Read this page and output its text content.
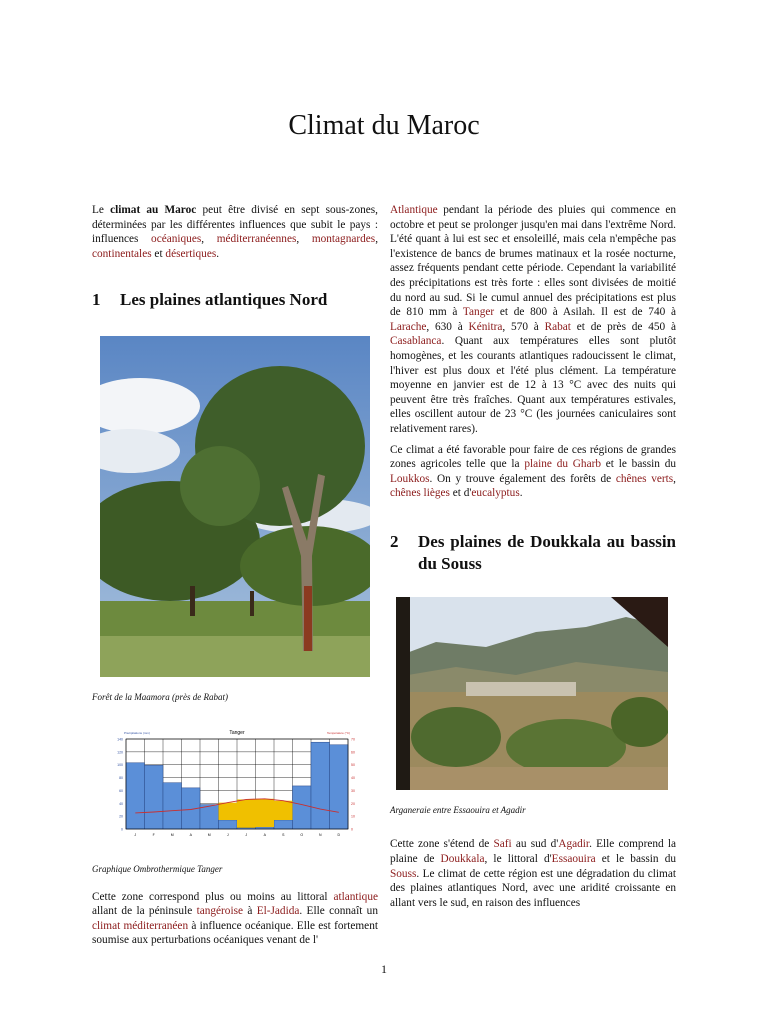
Climat du Maroc

Le climat au Maroc peut être divisé en sept sous-zones, déterminées par les différentes influences que subit le pays : influences océaniques, méditerranéennes, montagnardes, continentales et désertiques.

1 Les plaines atlantiques Nord

Forêt de la Maamora (près de Rabat)

Tanger
Précipitations (mm)	Température (°C)
0	0
20	10
40	20
60	30
80	40
100	50
120	60
140	70
J	F	M	A	M	J	J	A	S	O	N	D

Graphique Ombrothermique Tanger

Cette zone correspond plus ou moins au littoral atlantique allant de la péninsule tangéroise à El-Jadida. Elle connaît un climat méditerranéen à influence océanique. Elle est fortement soumise aux perturbations océaniques venant de l'

Atlantique pendant la période des pluies qui commence en octobre et peut se prolonger jusqu'en mai dans l'extrême Nord. L'été quant à lui est sec et ensoleillé, mais cela n'empêche pas l'existence de bancs de brumes matinaux et la rosée nocturne, assez fréquents pendant cette période. Cependant la variabilité des précipitations est très forte : elles sont divisées de moitié du nord au sud. Si le cumul annuel des précipitations est plus de 810 mm à Tanger et de 800 à Asilah. Il est de 740 à Larache, 630 à Kénitra, 570 à Rabat et de près de 450 à Casablanca. Quant aux températures elles sont plutôt homogènes, et les courants atlantiques radoucissent le climat, l'hiver est plus doux et l'été plus clément. La température moyenne en janvier est de 12 à 13 °C avec des nuits qui peuvent être très fraîches. Quant aux températures estivales, elles oscillent autour de 23 °C (les journées caniculaires sont relativement rares).

Ce climat a été favorable pour faire de ces régions de grandes zones agricoles telle que la plaine du Gharb et le bassin du Loukkos. On y trouve également des forêts de chênes verts, chênes lièges et d'eucalyptus.

2	Des plaines de Doukkala au bassin du Souss

Arganeraie entre Essaouira et Agadir

Cette zone s'étend de Safi au sud d'Agadir. Elle comprend la plaine de Doukkala, le littoral d'Essaouira et le bassin du Souss. Le climat de cette région est une dégradation du climat des plaines atlantiques Nord, avec une aridité croissante en allant vers le sud, en raison des influences

1
